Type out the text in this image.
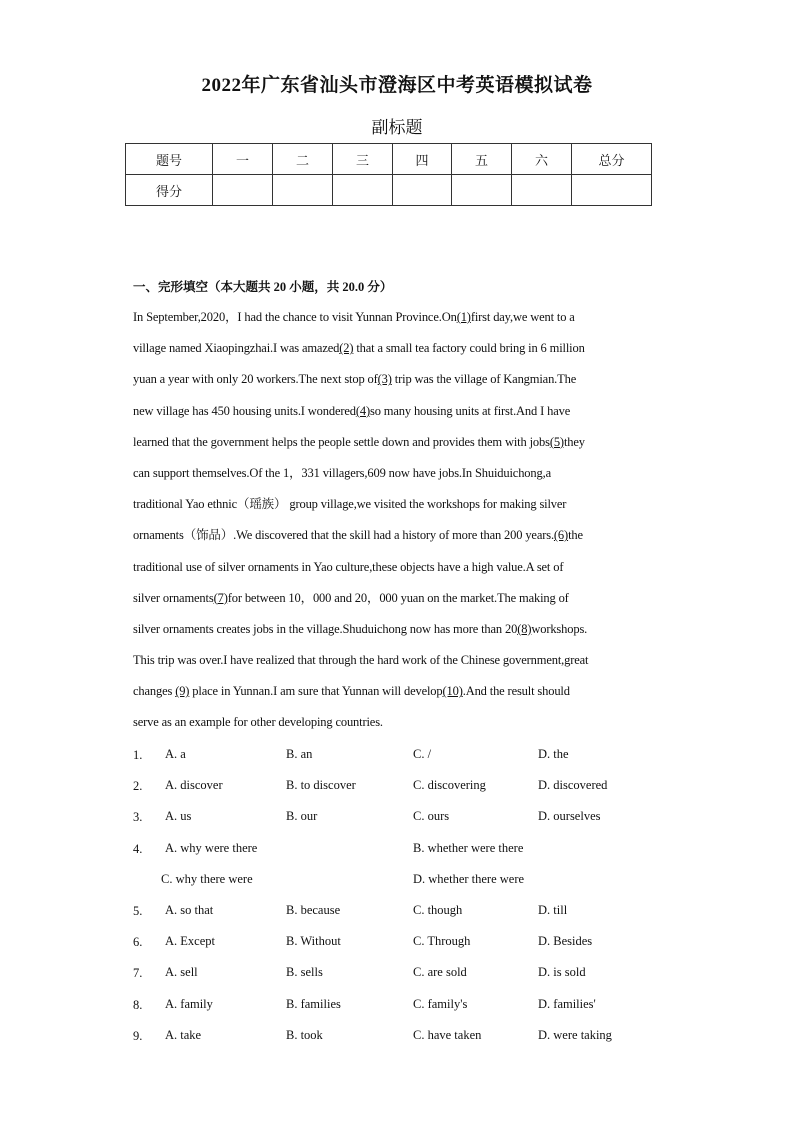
2022年广东省汕头市澄海区中考英语模拟试卷
副标题
题号	一	二	三	四	五	六	总分
得分							
一、完形填空（本大题共 20 小题，共 20.0 分）
In September,2020，I had the chance to visit Yunnan Province.On(1)first day,we went to a
village named Xiaopingzhai.I was amazed(2) that a small tea factory could bring in 6 million
yuan a year with only 20 workers.The next stop of(3) trip was the village of Kangmian.The
new village has 450 housing units.I wondered(4)so many housing units at first.And I have
learned that the government helps the people settle down and provides them with jobs(5)they
can support themselves.Of the 1，331 villagers,609 now have jobs.In Shuiduichong,a
traditional Yao ethnic（瑶族） group village,we visited the workshops for making silver
ornaments（饰品）.We discovered that the skill had a history of more than 200 years.(6)the
traditional use of silver ornaments in Yao culture,these objects have a high value.A set of
silver ornaments(7)for between 10，000 and 20，000 yuan on the market.The making of
silver ornaments creates jobs in the village.Shuduichong now has more than 20(8)workshops.
This trip was over.I have realized that through the hard work of the Chinese government,great
changes (9) place in Yunnan.I am sure that Yunnan will develop(10).And the result should
serve as an example for other developing countries.
1. A. a	B. an	C. /	D. the
2. A. discover	B. to discover	C. discovering	D. discovered
3. A. us	B. our	C. ours	D. ourselves
4. A. why were there	B. whether were there
C. why there were	D. whether there were
5. A. so that	B. because	C. though	D. till
6. A. Except	B. Without	C. Through	D. Besides
7. A. sell	B. sells	C. are sold	D. is sold
8. A. family	B. families	C. family's	D. families'
9. A. take	B. took	C. have taken	D. were taking
